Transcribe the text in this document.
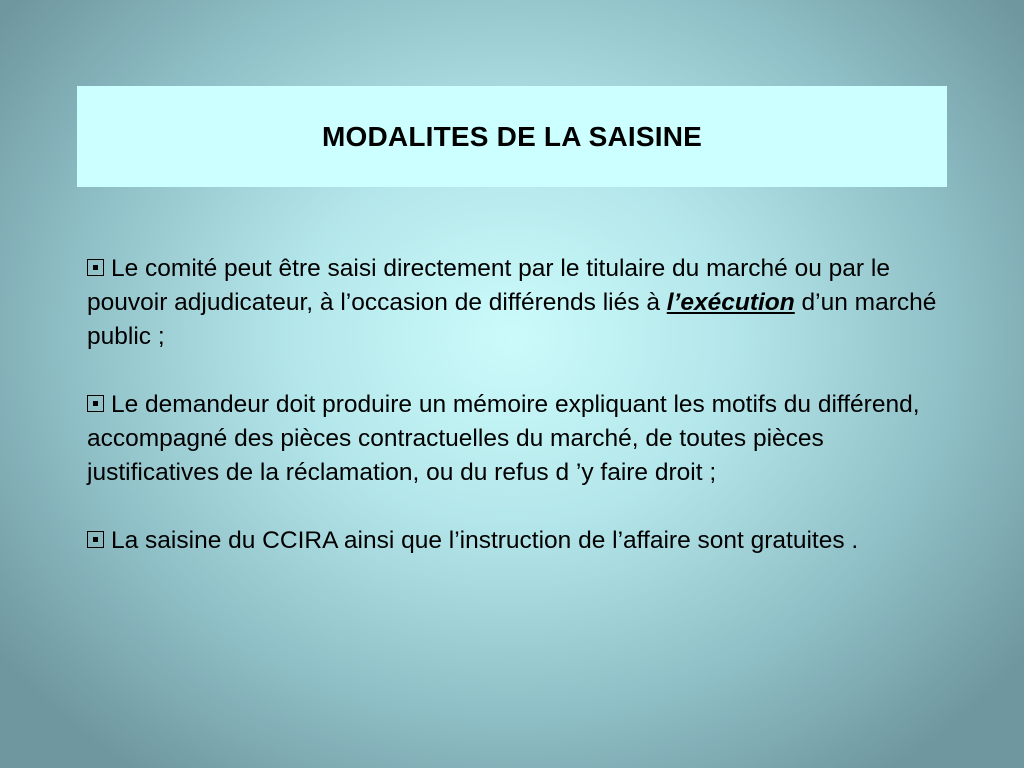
MODALITES DE LA SAISINE

Le comité peut être saisi directement par le titulaire du marché ou par le pouvoir adjudicateur, à l’occasion de différends liés à l’exécution d’un marché public ;

Le demandeur doit produire un mémoire expliquant les motifs du différend, accompagné des pièces contractuelles du marché, de toutes pièces justificatives de la réclamation, ou du refus d ’y faire droit ;

La saisine du CCIRA ainsi que l’instruction de l’affaire sont gratuites .
